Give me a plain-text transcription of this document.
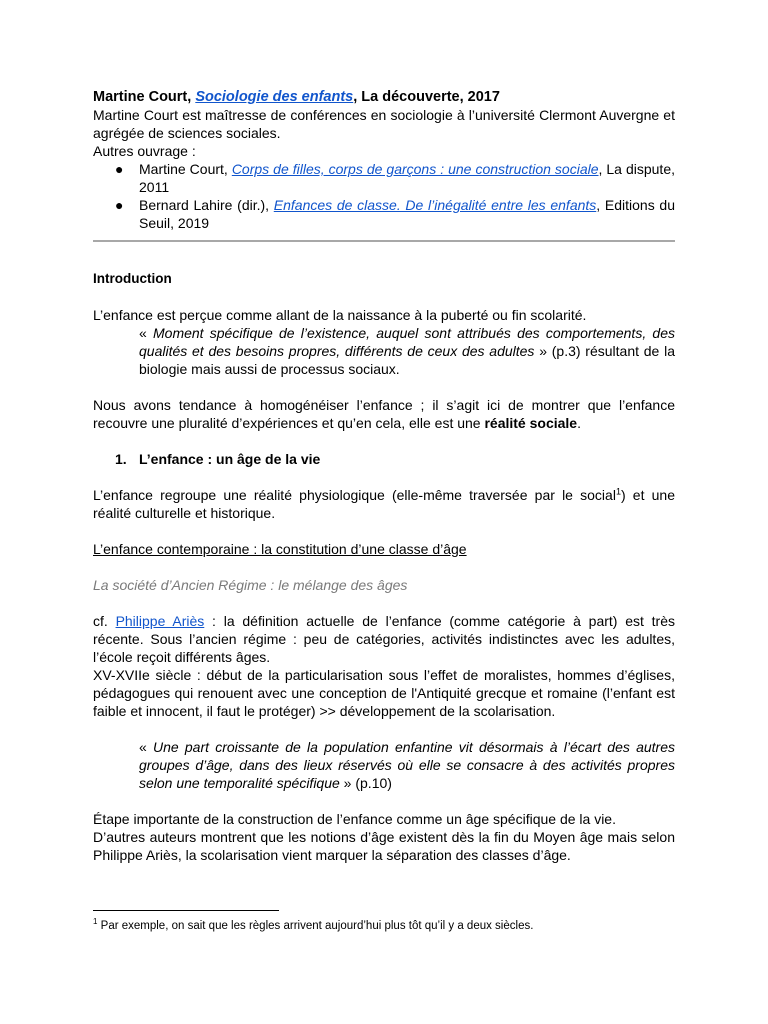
Martine Court, Sociologie des enfants, La découverte, 2017

Martine Court est maîtresse de conférences en sociologie à l’université Clermont Auvergne et agrégée de sciences sociales.

Autres ouvrage :

● Martine Court, Corps de filles, corps de garçons : une construction sociale, La dispute, 2011
● Bernard Lahire (dir.), Enfances de classe. De l’inégalité entre les enfants, Editions du Seuil, 2019

Introduction

L’enfance est perçue comme allant de la naissance à la puberté ou fin scolarité.

« Moment spécifique de l’existence, auquel sont attribués des comportements, des qualités et des besoins propres, différents de ceux des adultes » (p.3) résultant de la biologie mais aussi de processus sociaux.

Nous avons tendance à homogénéiser l’enfance ; il s’agit ici de montrer que l’enfance recouvre une pluralité d’expériences et qu’en cela, elle est une réalité sociale.

1. L’enfance : un âge de la vie

L’enfance regroupe une réalité physiologique (elle-même traversée par le social$^1$) et une réalité culturelle et historique.

L’enfance contemporaine : la constitution d’une classe d’âge

La société d’Ancien Régime : le mélange des âges

cf. Philippe Ariès : la définition actuelle de l’enfance (comme catégorie à part) est très récente. Sous l’ancien régime : peu de catégories, activités indistinctes avec les adultes, l’école reçoit différents âges.

XV-XVIIe siècle : début de la particularisation sous l’effet de moralistes, hommes d’églises, pédagogues qui renouent avec une conception de l'Antiquité grecque et romaine (l’enfant est faible et innocent, il faut le protéger) >> développement de la scolarisation.

« Une part croissante de la population enfantine vit désormais à l’écart des autres groupes d’âge, dans des lieux réservés où elle se consacre à des activités propres selon une temporalité spécifique » (p.10)

Étape importante de la construction de l’enfance comme un âge spécifique de la vie.

D’autres auteurs montrent que les notions d’âge existent dès la fin du Moyen âge mais selon Philippe Ariès, la scolarisation vient marquer la séparation des classes d’âge.

$^1$ Par exemple, on sait que les règles arrivent aujourd’hui plus tôt qu’il y a deux siècles.
